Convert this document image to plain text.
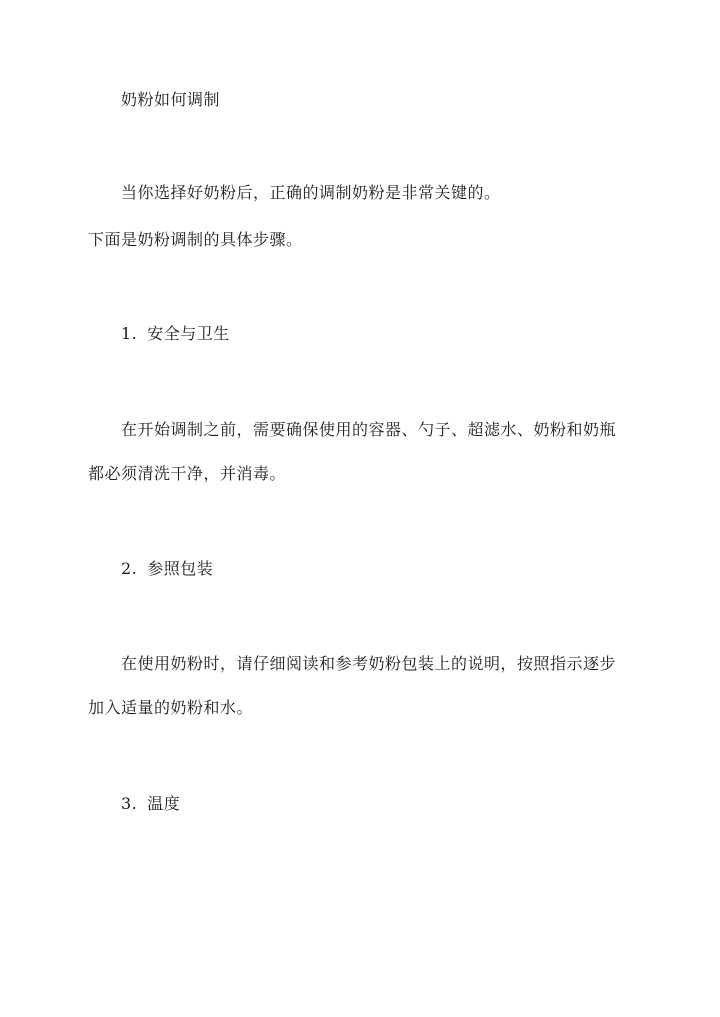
奶粉如何调制
当你选择好奶粉后，正确的调制奶粉是非常关键的。
下面是奶粉调制的具体步骤。
1. 安全与卫生
在开始调制之前，需要确保使用的容器、勺子、超滤水、奶粉和奶瓶
都必须清洗干净，并消毒。
2. 参照包装
在使用奶粉时，请仔细阅读和参考奶粉包装上的说明，按照指示逐步
加入适量的奶粉和水。
3. 温度
